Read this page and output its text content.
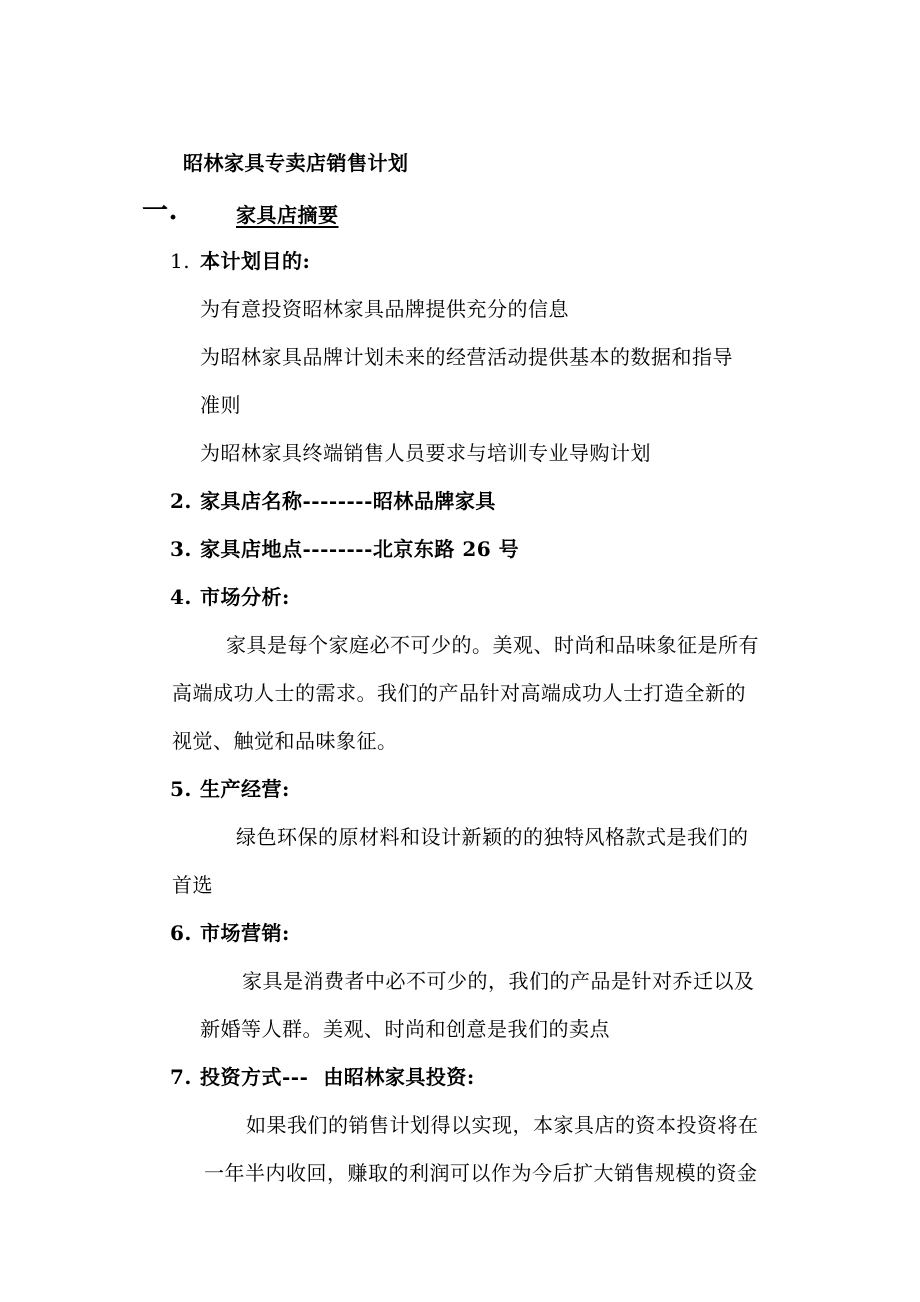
昭林家具专卖店销售计划
一.	家具店摘要
1. 本计划目的:
为有意投资昭林家具品牌提供充分的信息
为昭林家具品牌计划未来的经营活动提供基本的数据和指导
准则
为昭林家具终端销售人员要求与培训专业导购计划
2. 家具店名称--------昭林品牌家具
3. 家具店地点--------北京东路 26 号
4. 市场分析:
家具是每个家庭必不可少的。美观、时尚和品味象征是所有
高端成功人士的需求。我们的产品针对高端成功人士打造全新的
视觉、触觉和品味象征。
5. 生产经营:
绿色环保的原材料和设计新颖的的独特风格款式是我们的
首选
6. 市场营销:
家具是消费者中必不可少的，我们的产品是针对乔迁以及
新婚等人群。美观、时尚和创意是我们的卖点
7. 投资方式---  由昭林家具投资:
如果我们的销售计划得以实现，本家具店的资本投资将在
一年半内收回，赚取的利润可以作为今后扩大销售规模的资金
